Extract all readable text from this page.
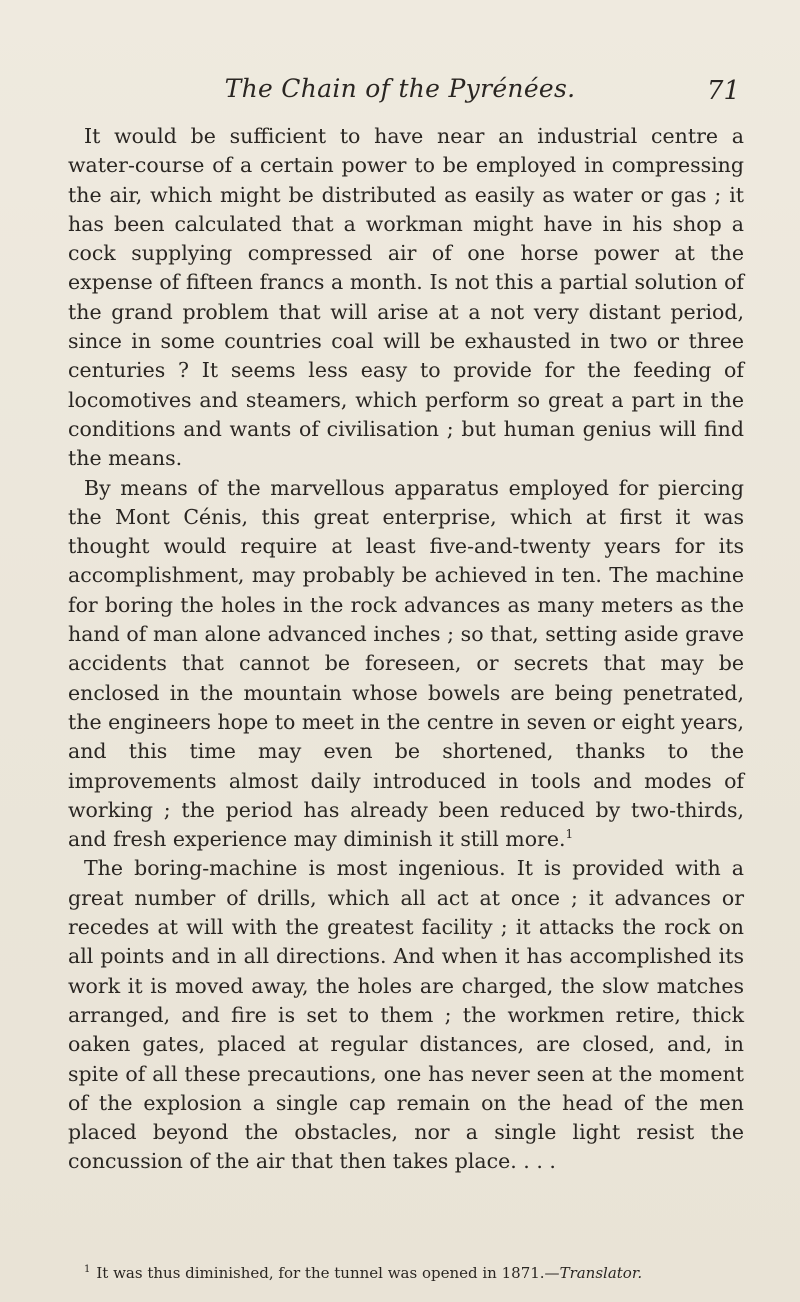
The Chain of the Pyrénées.	71

It would be sufficient to have near an industrial centre a water-course of a certain power to be employed in compressing the air, which might be distributed as easily as water or gas ; it has been calculated that a workman might have in his shop a cock supplying compressed air of one horse power at the expense of fifteen francs a month. Is not this a partial solution of the grand problem that will arise at a not very distant period, since in some countries coal will be exhausted in two or three centuries ? It seems less easy to provide for the feeding of locomotives and steamers, which perform so great a part in the conditions and wants of civilisation ; but human genius will find the means.

By means of the marvellous apparatus employed for piercing the Mont Cénis, this great enterprise, which at first it was thought would require at least five-and-twenty years for its accomplishment, may probably be achieved in ten. The machine for boring the holes in the rock advances as many meters as the hand of man alone advanced inches ; so that, setting aside grave accidents that cannot be foreseen, or secrets that may be enclosed in the mountain whose bowels are being penetrated, the engineers hope to meet in the centre in seven or eight years, and this time may even be shortened, thanks to the improvements almost daily introduced in tools and modes of working ; the period has already been reduced by two-thirds, and fresh experience may diminish it still more.$^1$

The boring-machine is most ingenious. It is provided with a great number of drills, which all act at once ; it advances or recedes at will with the greatest facility ; it attacks the rock on all points and in all directions. And when it has accomplished its work it is moved away, the holes are charged, the slow matches arranged, and fire is set to them ; the workmen retire, thick oaken gates, placed at regular distances, are closed, and, in spite of all these precautions, one has never seen at the moment of the explosion a single cap remain on the head of the men placed beyond the obstacles, nor a single light resist the concussion of the air that then takes place. . . .

$^1$ It was thus diminished, for the tunnel was opened in 1871.—Translator.
